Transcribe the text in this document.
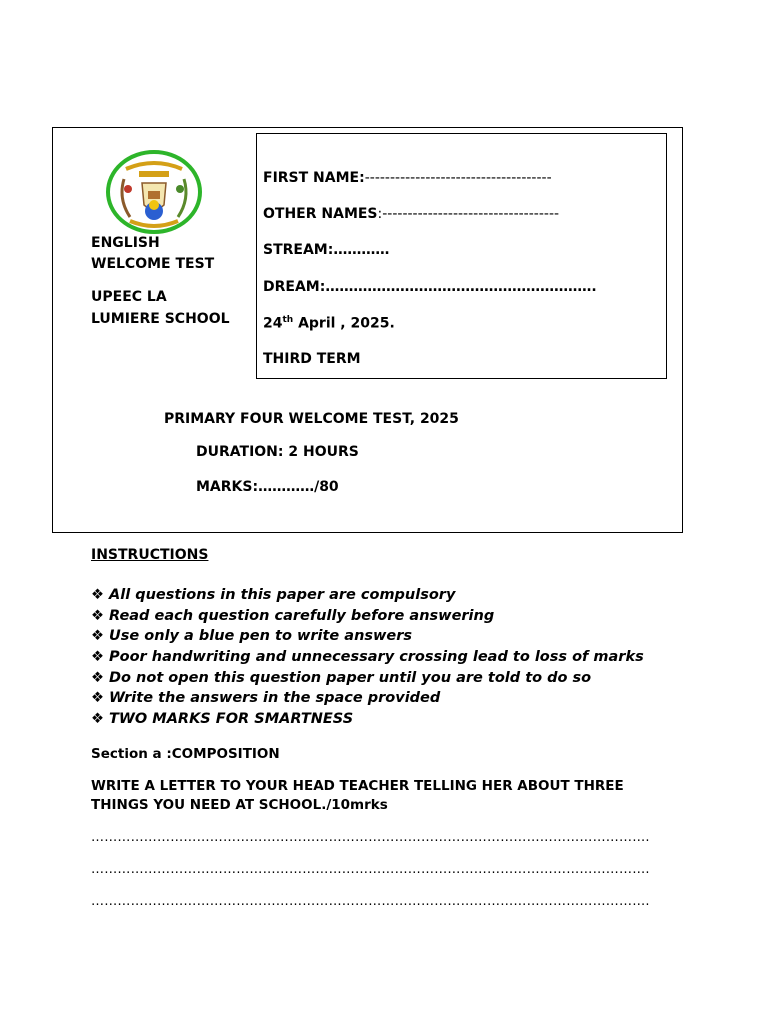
ENGLISH
WELCOME TEST
UPEEC LA
LUMIERE SCHOOL
FIRST NAME:-------------------------------------
OTHER NAMES:-----------------------------------
STREAM:…………
DREAM:………………………………………………….
24th April , 2025.
THIRD TERM
PRIMARY FOUR WELCOME TEST, 2025
DURATION: 2 HOURS
MARKS:…………/80
INSTRUCTIONS
❖ All questions in this paper are compulsory
❖ Read each question carefully before answering
❖ Use only a blue pen to write answers
❖ Poor handwriting and unnecessary crossing lead to loss of marks
❖ Do not open this question paper until you are told to do so
❖ Write the answers in the space provided
❖ TWO MARKS FOR SMARTNESS
Section a :COMPOSITION
WRITE A LETTER TO YOUR HEAD TEACHER TELLING HER ABOUT THREE
THINGS YOU NEED AT SCHOOL./10mrks
……………………………………………………………………………………………………………….
……………………………………………………………………………………………………………….
……………………………………………………………………………………………………………….
